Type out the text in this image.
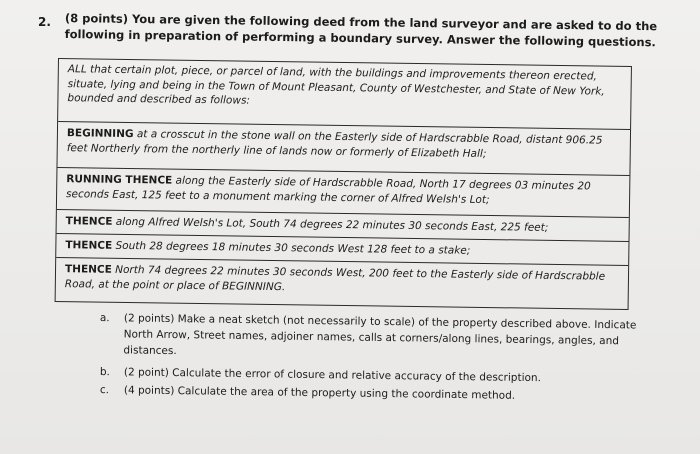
2. (8 points) You are given the following deed from the land surveyor and are asked to do the following in preparation of performing a boundary survey. Answer the following questions.
ALL that certain plot, piece, or parcel of land, with the buildings and improvements thereon erected, situate, lying and being in the Town of Mount Pleasant, County of Westchester, and State of New York, bounded and described as follows:
BEGINNING at a crosscut in the stone wall on the Easterly side of Hardscrabble Road, distant 906.25 feet Northerly from the northerly line of lands now or formerly of Elizabeth Hall;
RUNNING THENCE along the Easterly side of Hardscrabble Road, North 17 degrees 03 minutes 20 seconds East, 125 feet to a monument marking the corner of Alfred Welsh's Lot;
THENCE along Alfred Welsh's Lot, South 74 degrees 22 minutes 30 seconds East, 225 feet;
THENCE South 28 degrees 18 minutes 30 seconds West 128 feet to a stake;
THENCE North 74 degrees 22 minutes 30 seconds West, 200 feet to the Easterly side of Hardscrabble Road, at the point or place of BEGINNING.
a.	(2 points) Make a neat sketch (not necessarily to scale) of the property described above. Indicate North Arrow, Street names, adjoiner names, calls at corners/along lines, bearings, angles, and distances.
b.	(2 point) Calculate the error of closure and relative accuracy of the description.
c.	(4 points) Calculate the area of the property using the coordinate method.
